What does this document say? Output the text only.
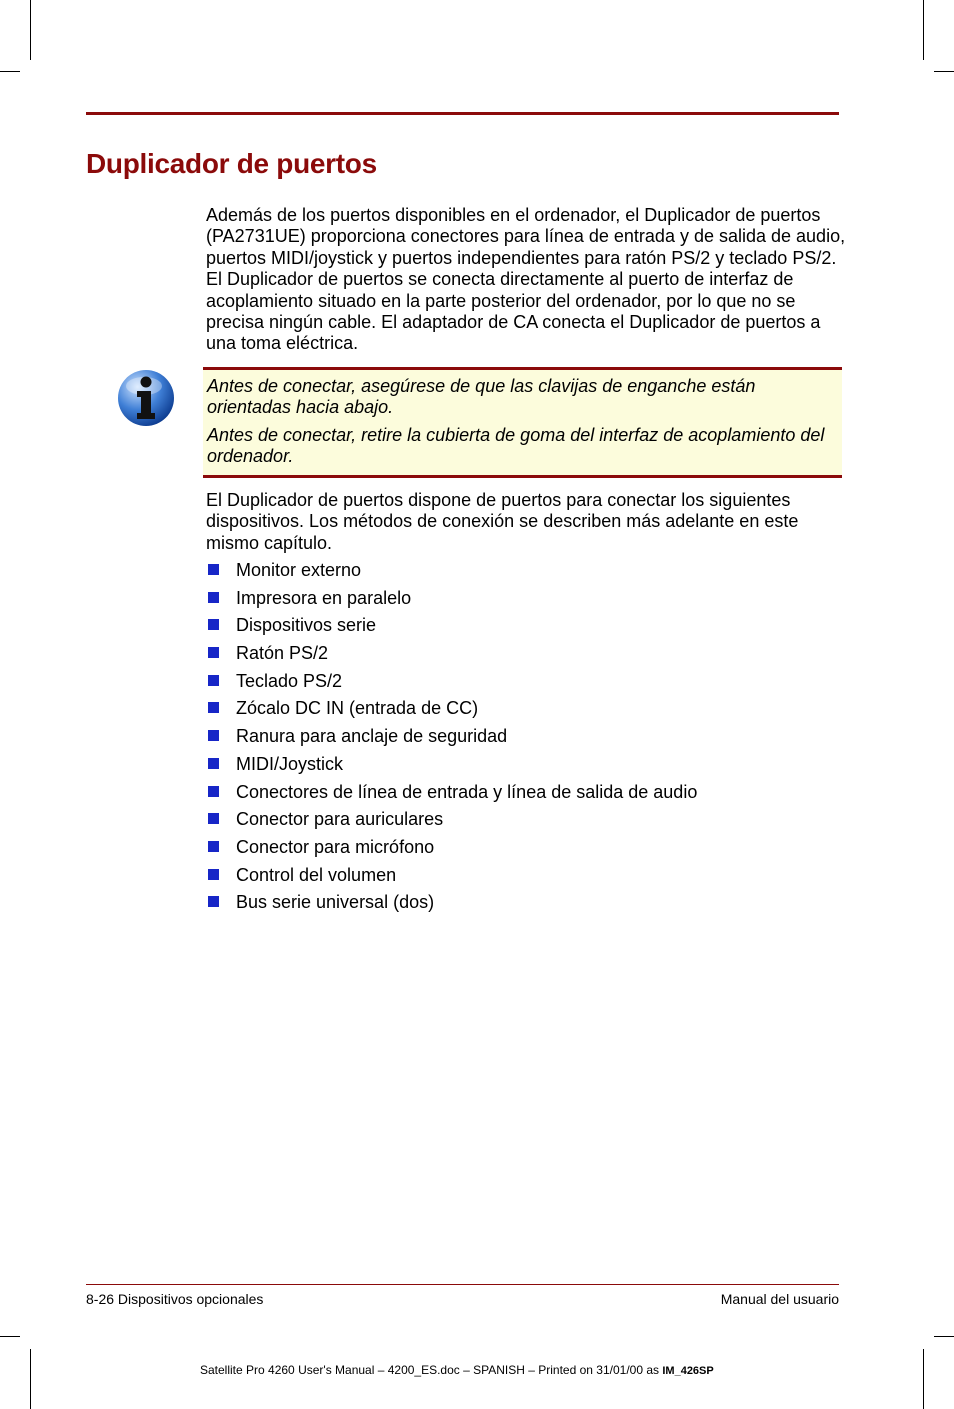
Duplicador de puertos

Además de los puertos disponibles en el ordenador, el Duplicador de puertos (PA2731UE) proporciona conectores para línea de entrada y de salida de audio, puertos MIDI/joystick y puertos independientes para ratón PS/2 y teclado PS/2. El Duplicador de puertos se conecta directamente al puerto de interfaz de acoplamiento situado en la parte posterior del ordenador, por lo que no se precisa ningún cable. El adaptador de CA conecta el Duplicador de puertos a una toma eléctrica.

Antes de conectar, asegúrese de que las clavijas de enganche están orientadas hacia abajo.

Antes de conectar, retire la cubierta de goma del interfaz de acoplamiento del ordenador.

El Duplicador de puertos dispone de puertos para conectar los siguientes dispositivos. Los métodos de conexión se describen más adelante en este mismo capítulo.

Monitor externo
Impresora en paralelo
Dispositivos serie
Ratón PS/2
Teclado PS/2
Zócalo DC IN (entrada de CC)
Ranura para anclaje de seguridad
MIDI/Joystick
Conectores de línea de entrada y línea de salida de audio
Conector para auriculares
Conector para micrófono
Control del volumen
Bus serie universal (dos)
8-26 Dispositivos opcionales	Manual del usuario
Satellite Pro 4260 User's Manual – 4200_ES.doc – SPANISH – Printed on 31/01/00 as IM_426SP
